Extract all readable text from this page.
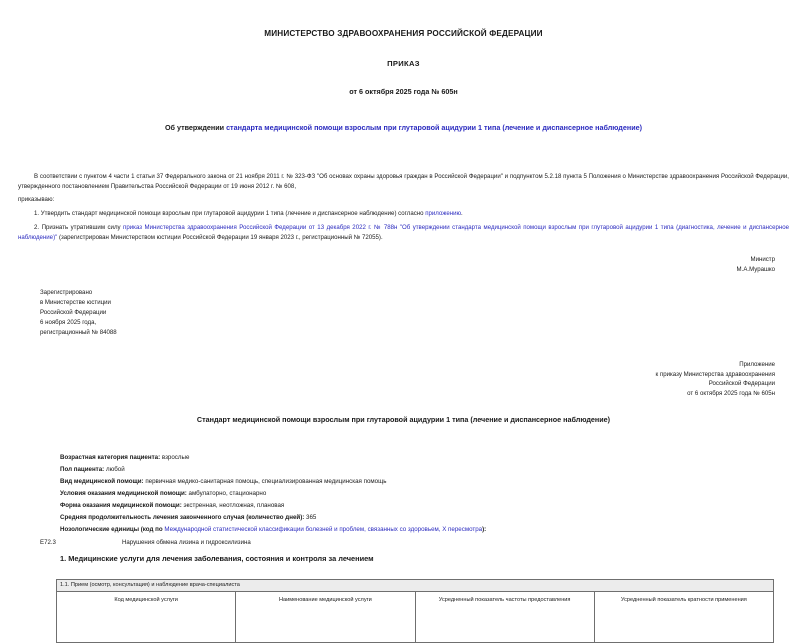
МИНИСТЕРСТВО ЗДРАВООХРАНЕНИЯ РОССИЙСКОЙ ФЕДЕРАЦИИ
ПРИКАЗ
от 6 октября 2025 года № 605н
Об утверждении стандарта медицинской помощи взрослым при глутаровой ацидурии 1 типа (лечение и диспансерное наблюдение)

В соответствии с пунктом 4 части 1 статьи 37 Федерального закона от 21 ноября 2011 г. № 323-ФЗ "Об основах охраны здоровья граждан в Российской Федерации" и подпунктом 5.2.18 пункта 5 Положения о Министерстве здравоохранения Российской Федерации, утвержденного постановлением Правительства Российской Федерации от 19 июня 2012 г. № 608,

приказываю:

1. Утвердить стандарт медицинской помощи взрослым при глутаровой ацидурии 1 типа (лечение и диспансерное наблюдение) согласно приложению.

2. Признать утратившим силу приказ Министерства здравоохранения Российской Федерации от 13 декабря 2022 г. № 788н "Об утверждении стандарта медицинской помощи взрослым при глутаровой ацидурии 1 типа (диагностика, лечение и диспансерное наблюдение)" (зарегистрирован Министерством юстиции Российской Федерации 19 января 2023 г., регистрационный № 72055).

Министр
М.А.Мурашко
Зарегистрировано
в Министерстве юстиции
Российской Федерации
6 ноября 2025 года,
регистрационный № 84088
Приложение
к приказу Министерства здравоохранения
Российской Федерации
от 6 октября 2025 года № 605н
Стандарт медицинской помощи взрослым при глутаровой ацидурии 1 типа (лечение и диспансерное наблюдение)
Возрастная категория пациента: взрослые
Пол пациента: любой
Вид медицинской помощи: первичная медико-санитарная помощь, специализированная медицинская помощь
Условия оказания медицинской помощи: амбулаторно, стационарно
Форма оказания медицинской помощи: экстренная, неотложная, плановая
Средняя продолжительность лечения законченного случая (количество дней): 365
Нозологические единицы (код по Международной статистической классификации болезней и проблем, связанных со здоровьем, X пересмотра):
E72.3	Нарушения обмена лизина и гидроксилизина
1. Медицинские услуги для лечения заболевания, состояния и контроля за лечением
1.1. Прием (осмотр, консультация) и наблюдение врача-специалиста
Код медицинской услуги	Наименование медицинской услуги	Усредненный показатель частоты предоставления	Усредненный показатель кратности применения
